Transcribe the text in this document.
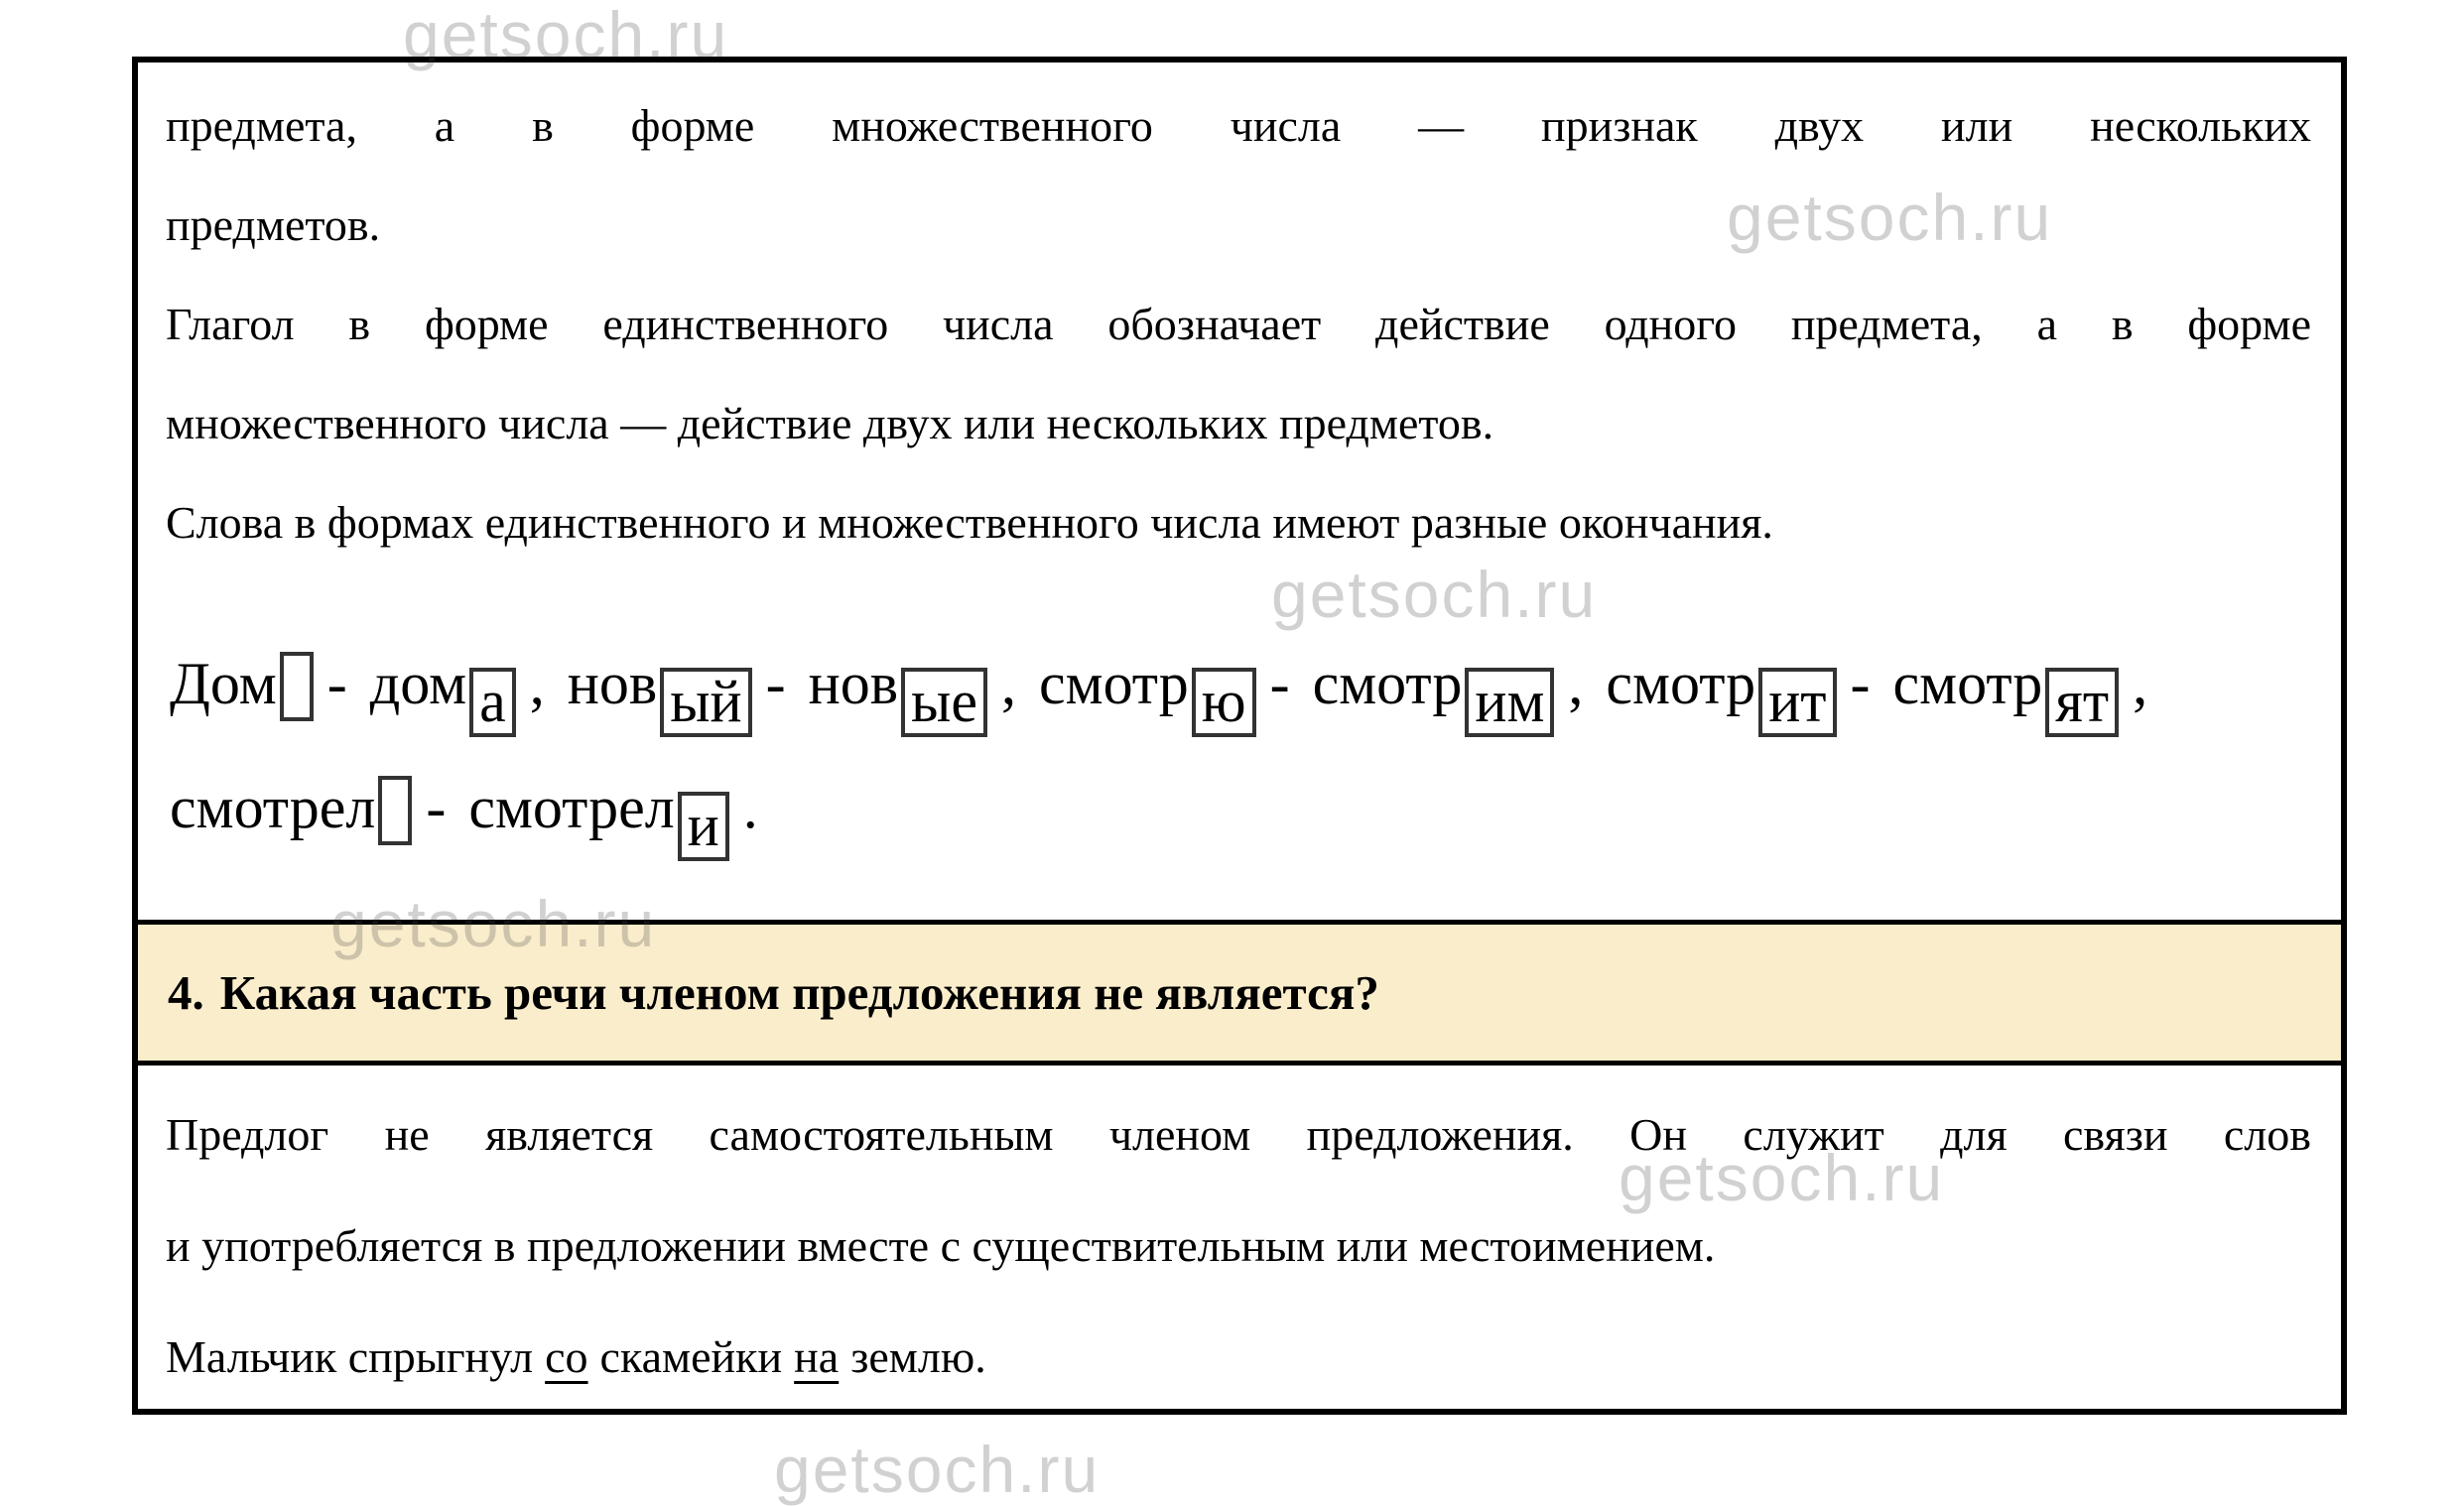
getsoch.ru
getsoch.ru
getsoch.ru
getsoch.ru
getsoch.ru
getsoch.ru
предмета, а в форме множественного числа — признак двух или нескольких
предметов.
Глагол в форме единственного числа обозначает действие одного предмета, а в форме
множественного числа — действие двух или нескольких предметов.
Слова в формах единственного и множественного числа имеют разные окончания.
Дом - дом а , нов ый - нов ые , смотр ю - смотр им , смотр ит - смотр ят ,
смотрел - смотрел и .
4. Какая часть речи членом предложения не является?
Предлог не является самостоятельным членом предложения. Он служит для связи слов
и употребляется в предложении вместе с существительным или местоимением.
Мальчик спрыгнул со скамейки на землю.
